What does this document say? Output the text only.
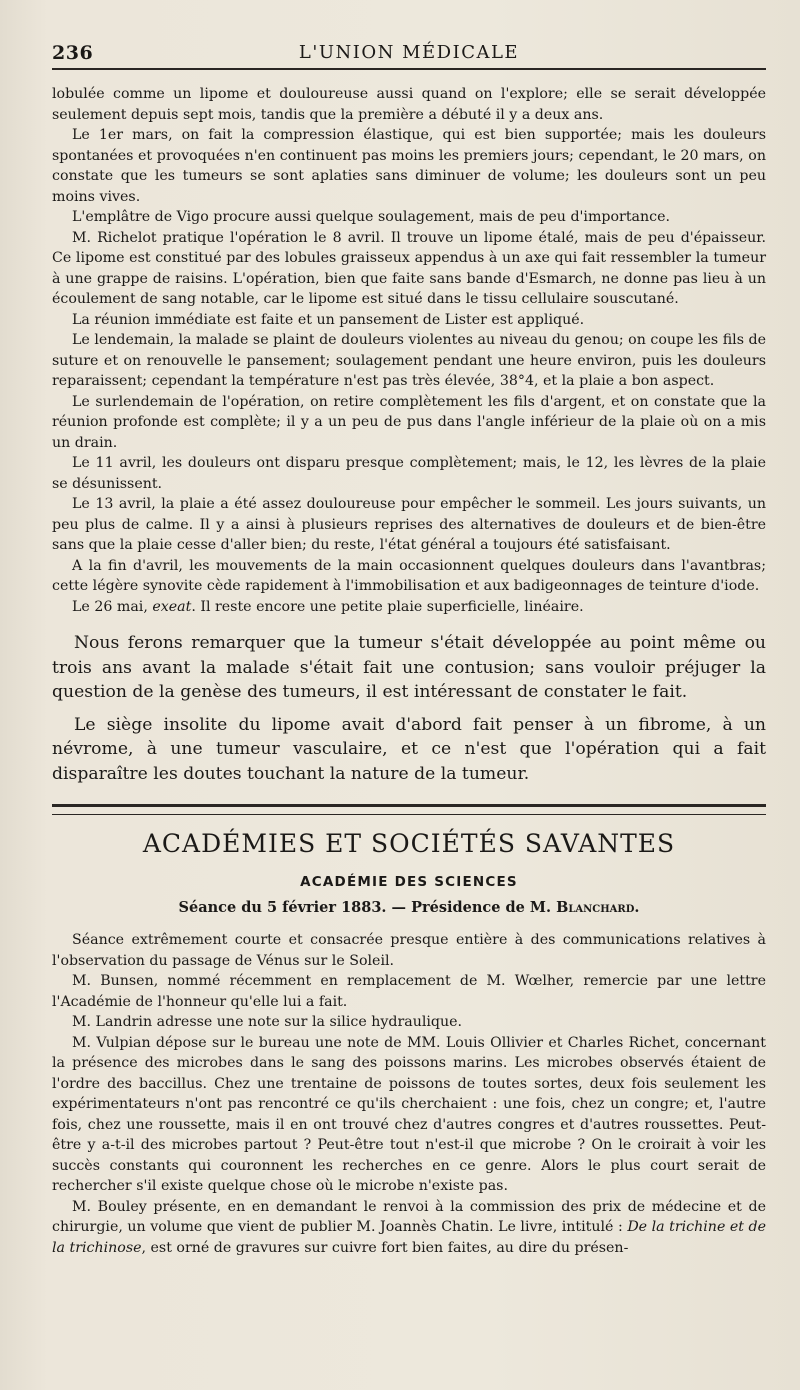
236	L'UNION MÉDICALE

lobulée comme un lipome et douloureuse aussi quand on l'explore; elle se serait développée seulement depuis sept mois, tandis que la première a débuté il y a deux ans.

Le 1er mars, on fait la compression élastique, qui est bien supportée; mais les douleurs spontanées et provoquées n'en continuent pas moins les premiers jours; cependant, le 20 mars, on constate que les tumeurs se sont aplaties sans diminuer de volume; les douleurs sont un peu moins vives.

L'emplâtre de Vigo procure aussi quelque soulagement, mais de peu d'importance.

M. Richelot pratique l'opération le 8 avril. Il trouve un lipome étalé, mais de peu d'épaisseur. Ce lipome est constitué par des lobules graisseux appendus à un axe qui fait ressembler la tumeur à une grappe de raisins. L'opération, bien que faite sans bande d'Esmarch, ne donne pas lieu à un écoulement de sang notable, car le lipome est situé dans le tissu cellulaire souscutané.

La réunion immédiate est faite et un pansement de Lister est appliqué.

Le lendemain, la malade se plaint de douleurs violentes au niveau du genou; on coupe les fils de suture et on renouvelle le pansement; soulagement pendant une heure environ, puis les douleurs reparaissent; cependant la température n'est pas très élevée, 38°4, et la plaie a bon aspect.

Le surlendemain de l'opération, on retire complètement les fils d'argent, et on constate que la réunion profonde est complète; il y a un peu de pus dans l'angle inférieur de la plaie où on a mis un drain.

Le 11 avril, les douleurs ont disparu presque complètement; mais, le 12, les lèvres de la plaie se désunissent.

Le 13 avril, la plaie a été assez douloureuse pour empêcher le sommeil. Les jours suivants, un peu plus de calme. Il y a ainsi à plusieurs reprises des alternatives de douleurs et de bien-être sans que la plaie cesse d'aller bien; du reste, l'état général a toujours été satisfaisant.

A la fin d'avril, les mouvements de la main occasionnent quelques douleurs dans l'avantbras; cette légère synovite cède rapidement à l'immobilisation et aux badigeonnages de teinture d'iode.

Le 26 mai, exeat. Il reste encore une petite plaie superficielle, linéaire.

Nous ferons remarquer que la tumeur s'était développée au point même ou trois ans avant la malade s'était fait une contusion; sans vouloir préjuger la question de la genèse des tumeurs, il est intéressant de constater le fait.

Le siège insolite du lipome avait d'abord fait penser à un fibrome, à un névrome, à une tumeur vasculaire, et ce n'est que l'opération qui a fait disparaître les doutes touchant la nature de la tumeur.

ACADÉMIES ET SOCIÉTÉS SAVANTES
ACADÉMIE DES SCIENCES
Séance du 5 février 1883. — Présidence de M. Blanchard.

Séance extrêmement courte et consacrée presque entière à des communications relatives à l'observation du passage de Vénus sur le Soleil.

M. Bunsen, nommé récemment en remplacement de M. Wœlher, remercie par une lettre l'Académie de l'honneur qu'elle lui a fait.

M. Landrin adresse une note sur la silice hydraulique.

M. Vulpian dépose sur le bureau une note de MM. Louis Ollivier et Charles Richet, concernant la présence des microbes dans le sang des poissons marins. Les microbes observés étaient de l'ordre des baccillus. Chez une trentaine de poissons de toutes sortes, deux fois seulement les expérimentateurs n'ont pas rencontré ce qu'ils cherchaient : une fois, chez un congre; et, l'autre fois, chez une roussette, mais il en ont trouvé chez d'autres congres et d'autres roussettes. Peut-être y a-t-il des microbes partout ? Peut-être tout n'est-il que microbe ? On le croirait à voir les succès constants qui couronnent les recherches en ce genre. Alors le plus court serait de rechercher s'il existe quelque chose où le microbe n'existe pas.

M. Bouley présente, en en demandant le renvoi à la commission des prix de médecine et de chirurgie, un volume que vient de publier M. Joannès Chatin. Le livre, intitulé : De la trichine et de la trichinose, est orné de gravures sur cuivre fort bien faites, au dire du présen-
